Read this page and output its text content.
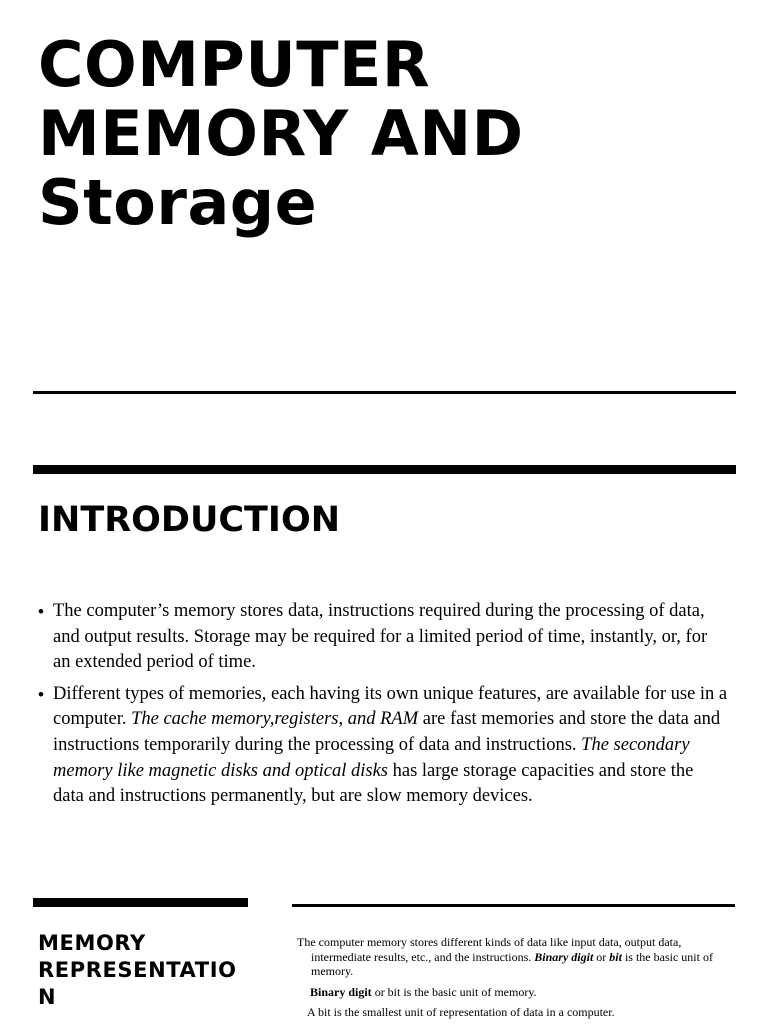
COMPUTER
MEMORY AND
Storage
INTRODUCTION
• The computer’s memory stores data, instructions required during the processing of data, and output results. Storage may be required for a limited period of time, instantly, or, for an extended period of time.
• Different types of memories, each having its own unique features, are available for use in a computer. The cache memory,registers, and RAM are fast memories and store the data and instructions temporarily during the processing of data and instructions. The secondary memory like magnetic disks and optical disks has large storage capacities and store the data and instructions permanently, but are slow memory devices.
MEMORY
REPRESENTATIO
N

The computer memory stores different kinds of data like input data, output data, intermediate results, etc., and the instructions. Binary digit or bit is the basic unit of memory.

Binary digit or bit is the basic unit of memory.

A bit is the smallest unit of representation of data in a computer.
